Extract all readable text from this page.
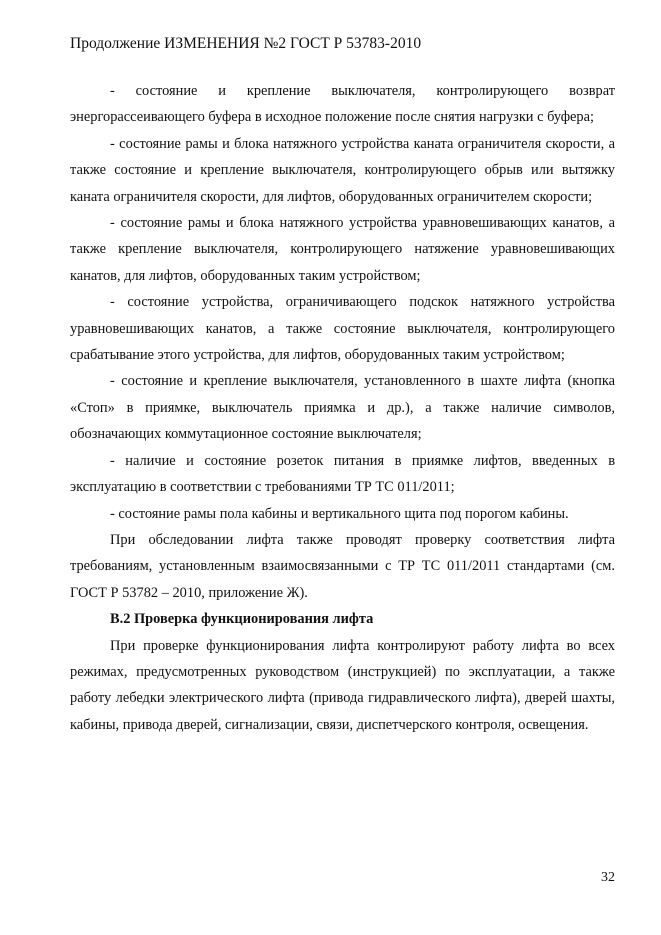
Продолжение ИЗМЕНЕНИЯ №2 ГОСТ Р 53783-2010

- состояние и крепление выключателя, контролирующего возврат энергорассеивающего буфера в исходное положение после снятия нагрузки с буфера;

- состояние рамы и блока натяжного устройства каната ограничителя скорости, а также состояние и крепление выключателя, контролирующего обрыв или вытяжку каната ограничителя скорости, для лифтов, оборудованных ограничителем скорости;

- состояние рамы и блока натяжного устройства уравновешивающих канатов, а также крепление выключателя, контролирующего натяжение уравновешивающих канатов, для лифтов, оборудованных таким устройством;

- состояние устройства, ограничивающего подскок натяжного устройства уравновешивающих канатов, а также состояние выключателя, контролирующего срабатывание этого устройства, для лифтов, оборудованных таким устройством;

- состояние и крепление выключателя, установленного в шахте лифта (кнопка «Стоп» в приямке, выключатель приямка и др.), а также наличие символов, обозначающих коммутационное состояние выключателя;

- наличие и состояние розеток питания в приямке лифтов, введенных в эксплуатацию в соответствии с требованиями ТР ТС 011/2011;

- состояние рамы пола кабины и вертикального щита под порогом кабины.

При обследовании лифта также проводят проверку соответствия лифта требованиям, установленным взаимосвязанными с ТР ТС 011/2011 стандартами (см. ГОСТ Р 53782 – 2010, приложение Ж).

В.2 Проверка функционирования лифта

При проверке функционирования лифта контролируют работу лифта во всех режимах, предусмотренных руководством (инструкцией) по эксплуатации, а также работу лебедки электрического лифта (привода гидравлического лифта), дверей шахты, кабины, привода дверей, сигнализации, связи, диспетчерского контроля, освещения.

32
